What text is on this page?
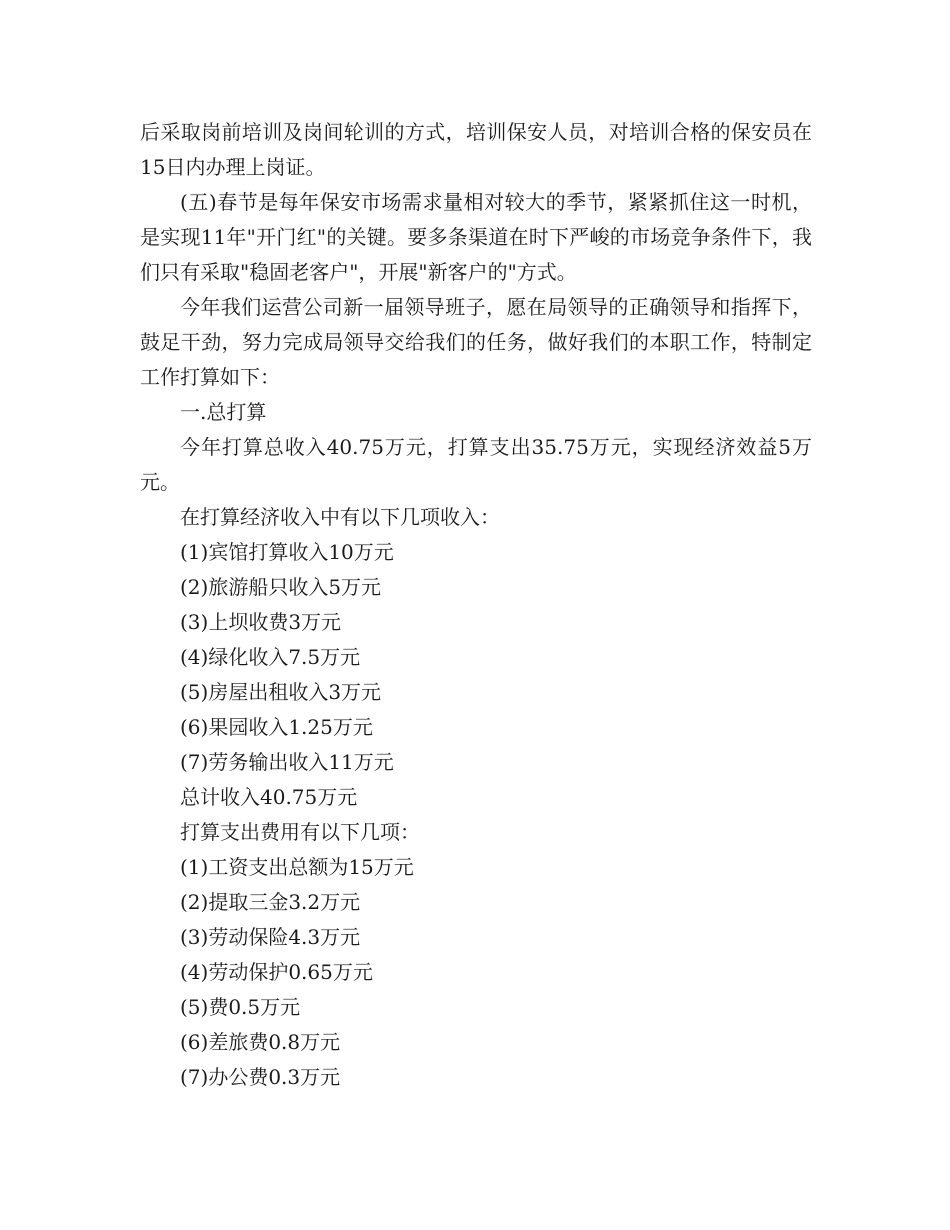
后采取岗前培训及岗间轮训的方式，培训保安人员，对培训合格的保安员在15日内办理上岗证。

(五)春节是每年保安市场需求量相对较大的季节，紧紧抓住这一时机，是实现11年"开门红"的关键。要多条渠道在时下严峻的市场竞争条件下，我们只有采取"稳固老客户"，开展"新客户的"方式。

今年我们运营公司新一届领导班子，愿在局领导的正确领导和指挥下，鼓足干劲，努力完成局领导交给我们的任务，做好我们的本职工作，特制定工作打算如下：

一.总打算

今年打算总收入40.75万元，打算支出35.75万元，实现经济效益5万元。

在打算经济收入中有以下几项收入：

(1)宾馆打算收入10万元

(2)旅游船只收入5万元

(3)上坝收费3万元

(4)绿化收入7.5万元

(5)房屋出租收入3万元

(6)果园收入1.25万元

(7)劳务输出收入11万元

总计收入40.75万元

打算支出费用有以下几项：

(1)工资支出总额为15万元

(2)提取三金3.2万元

(3)劳动保险4.3万元

(4)劳动保护0.65万元

(5)费0.5万元

(6)差旅费0.8万元

(7)办公费0.3万元
